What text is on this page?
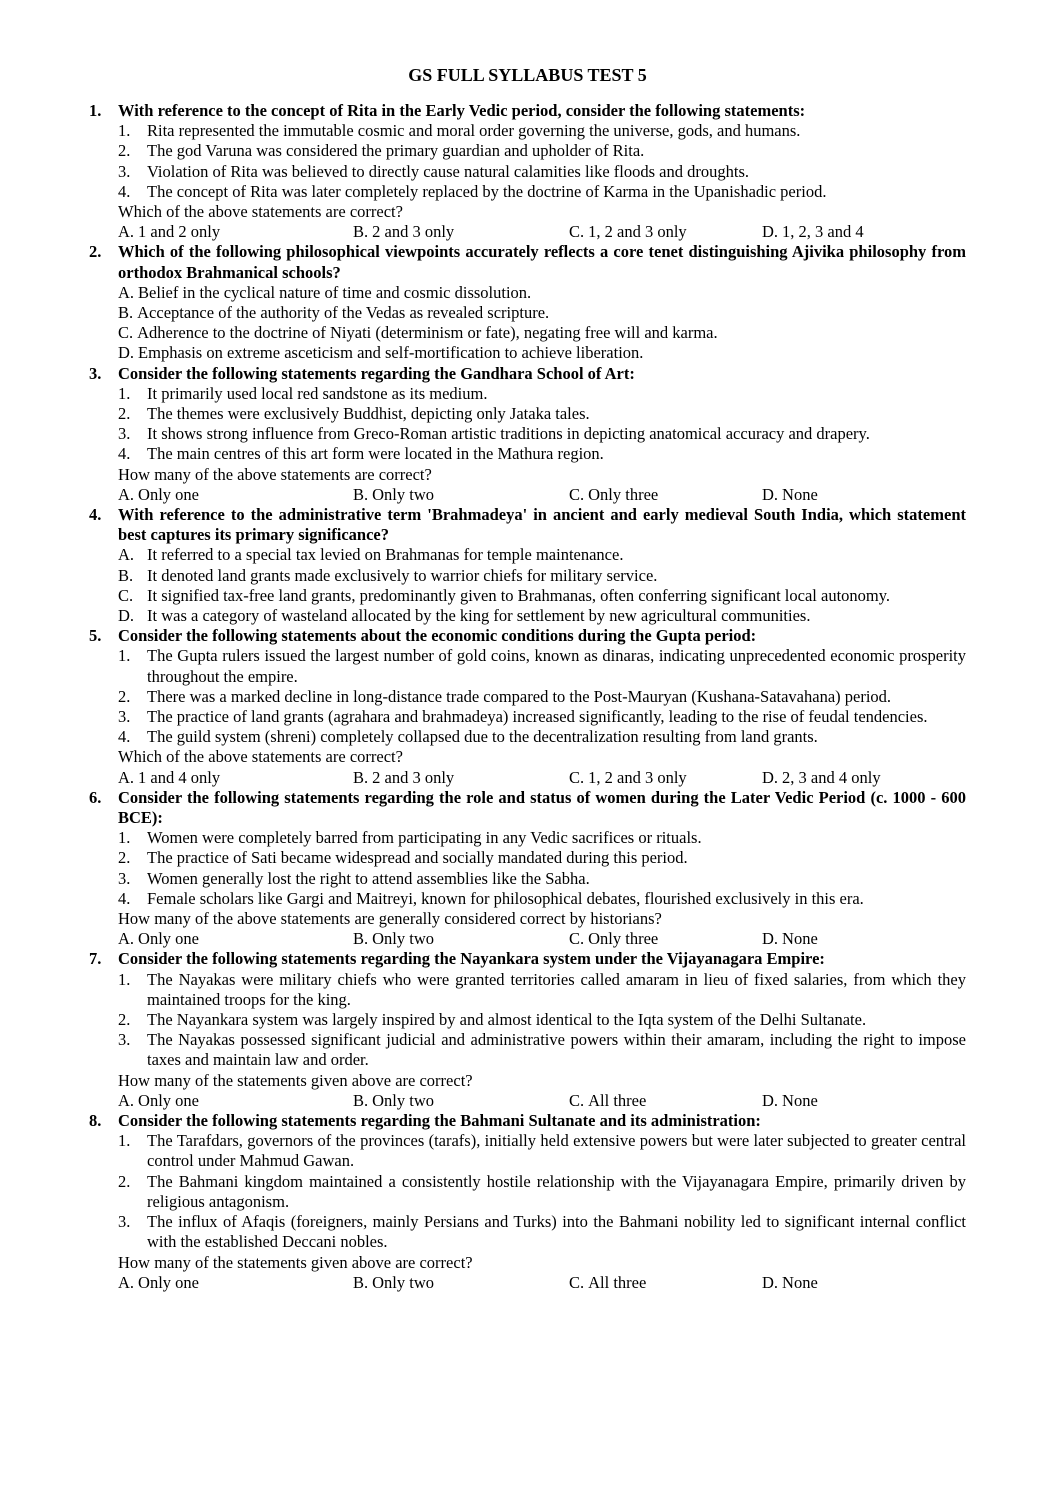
GS FULL SYLLABUS TEST 5
1.	With reference to the concept of Rita in the Early Vedic period, consider the following statements:
1. Rita represented the immutable cosmic and moral order governing the universe, gods, and humans.
2. The god Varuna was considered the primary guardian and upholder of Rita.
3. Violation of Rita was believed to directly cause natural calamities like floods and droughts.
4. The concept of Rita was later completely replaced by the doctrine of Karma in the Upanishadic period.
Which of the above statements are correct?
A. 1 and 2 only	B. 2 and 3 only	C. 1, 2 and 3 only	D. 1, 2, 3 and 4
2.	Which of the following philosophical viewpoints accurately reflects a core tenet distinguishing Ajivika philosophy from orthodox Brahmanical schools?
A. Belief in the cyclical nature of time and cosmic dissolution.
B. Acceptance of the authority of the Vedas as revealed scripture.
C. Adherence to the doctrine of Niyati (determinism or fate), negating free will and karma.
D. Emphasis on extreme asceticism and self-mortification to achieve liberation.
3.	Consider the following statements regarding the Gandhara School of Art:
1. It primarily used local red sandstone as its medium.
2. The themes were exclusively Buddhist, depicting only Jataka tales.
3. It shows strong influence from Greco-Roman artistic traditions in depicting anatomical accuracy and drapery.
4. The main centres of this art form were located in the Mathura region.
How many of the above statements are correct?
A. Only one	B. Only two	C. Only three	D. None
4.	With reference to the administrative term 'Brahmadeya' in ancient and early medieval South India, which statement best captures its primary significance?
A. It referred to a special tax levied on Brahmanas for temple maintenance.
B. It denoted land grants made exclusively to warrior chiefs for military service.
C. It signified tax-free land grants, predominantly given to Brahmanas, often conferring significant local autonomy.
D. It was a category of wasteland allocated by the king for settlement by new agricultural communities.
5.	Consider the following statements about the economic conditions during the Gupta period:
1. The Gupta rulers issued the largest number of gold coins, known as dinaras, indicating unprecedented economic prosperity throughout the empire.
2. There was a marked decline in long-distance trade compared to the Post-Mauryan (Kushana-Satavahana) period.
3. The practice of land grants (agrahara and brahmadeya) increased significantly, leading to the rise of feudal tendencies.
4. The guild system (shreni) completely collapsed due to the decentralization resulting from land grants.
Which of the above statements are correct?
A. 1 and 4 only	B. 2 and 3 only	C. 1, 2 and 3 only	D. 2, 3 and 4 only
6.	Consider the following statements regarding the role and status of women during the Later Vedic Period (c. 1000 - 600 BCE):
1. Women were completely barred from participating in any Vedic sacrifices or rituals.
2. The practice of Sati became widespread and socially mandated during this period.
3. Women generally lost the right to attend assemblies like the Sabha.
4. Female scholars like Gargi and Maitreyi, known for philosophical debates, flourished exclusively in this era.
How many of the above statements are generally considered correct by historians?
A. Only one	B. Only two	C. Only three	D. None
7.	Consider the following statements regarding the Nayankara system under the Vijayanagara Empire:
1. The Nayakas were military chiefs who were granted territories called amaram in lieu of fixed salaries, from which they maintained troops for the king.
2. The Nayankara system was largely inspired by and almost identical to the Iqta system of the Delhi Sultanate.
3. The Nayakas possessed significant judicial and administrative powers within their amaram, including the right to impose taxes and maintain law and order.
How many of the statements given above are correct?
A. Only one	B. Only two	C. All three	D. None
8.	Consider the following statements regarding the Bahmani Sultanate and its administration:
1. The Tarafdars, governors of the provinces (tarafs), initially held extensive powers but were later subjected to greater central control under Mahmud Gawan.
2. The Bahmani kingdom maintained a consistently hostile relationship with the Vijayanagara Empire, primarily driven by religious antagonism.
3. The influx of Afaqis (foreigners, mainly Persians and Turks) into the Bahmani nobility led to significant internal conflict with the established Deccani nobles.
How many of the statements given above are correct?
A. Only one	B. Only two	C. All three	D. None
